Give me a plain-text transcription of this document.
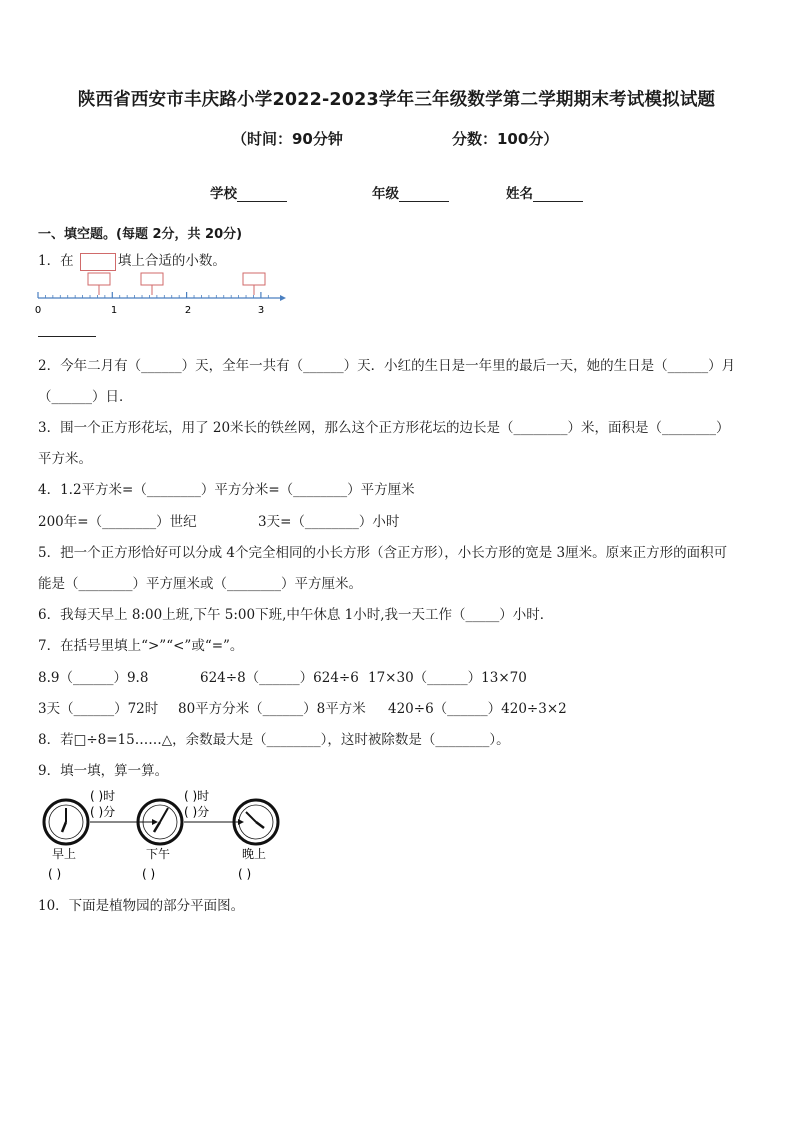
陕西省西安市丰庆路小学2022-2023学年三年级数学第二学期期末考试模拟试题
（时间：90分钟	分数：100分）
学校	年级	姓名
一、填空题。(每题 2分，共 20分)
1．在	填上合适的小数。
0	1	2	3
2．今年二月有（______）天，全年一共有（______）天．小红的生日是一年里的最后一天，她的生日是（______）月
（______）日．
3．围一个正方形花坛，用了 20米长的铁丝网，那么这个正方形花坛的边长是（________）米，面积是（________）
平方米。
4．1.2平方米=（________）平方分米=（________）平方厘米
200年=（________）世纪	3天=（________）小时
5．把一个正方形恰好可以分成 4个完全相同的小长方形（含正方形），小长方形的宽是 3厘米。原来正方形的面积可
能是（________）平方厘米或（________）平方厘米。
6．我每天早上 8:00上班,下午 5:00下班,中午休息 1小时,我一天工作（_____）小时．
7．在括号里填上“>”“<”或“=”。
8.9（______）9.8	624÷8（______）624÷6 17×30（______）13×70
3天（______）72时 80平方分米（______）8平方米 420÷6（______）420÷3×2
8．若□÷8=15……△，余数最大是（________），这时被除数是（________）。
9．填一填，算一算。
早上
( )
( )时
( )分
下午
( )
( )时
( )分
晚上
( )
10．下面是植物园的部分平面图。
